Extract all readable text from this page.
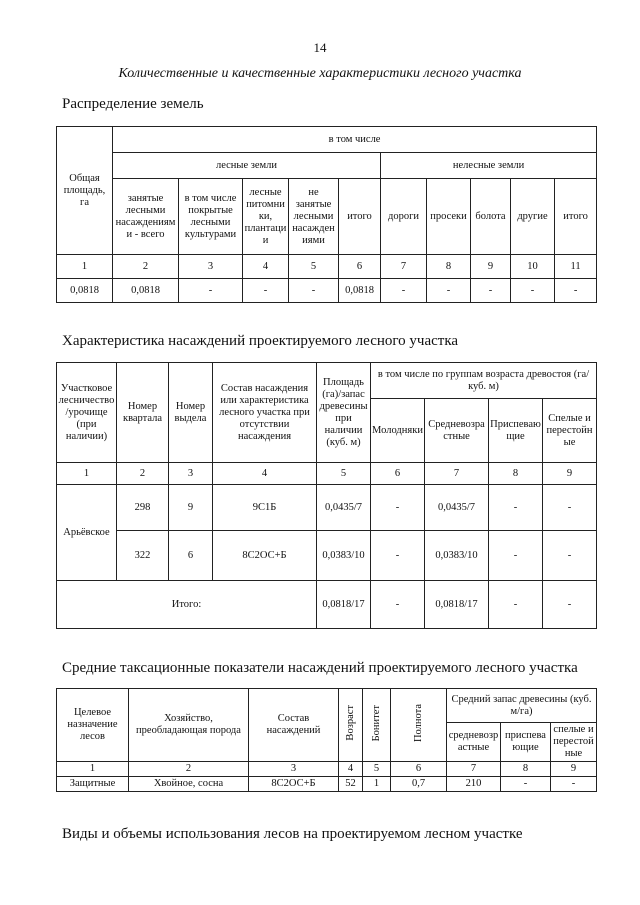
14
Количественные и качественные характеристики лесного участка
Распределение земель
Общая площадь, га	в том числе									
	лесные земли					нелесные земли				
	занятые лесными насаждениями - всего	в том числе покрытые лесными культурами	лесные питомники, плантации	не занятые лесными насаждениями	итого	дороги	просеки	болота	другие	итого
1	2	3	4	5	6	7	8	9	10	11
0,0818	0,0818	-	-	-	0,0818	-	-	-	-	-
Характеристика насаждений проектируемого лесного участка
Участковое лесничество/урочище (при наличии)	Номер квартала	Номер выдела	Состав насаждения или характеристика лесного участка при отсутствии насаждения	Площадь (га)/запас древесины при наличии (куб. м)	в том числе по группам возраста древостоя (га/куб. м)			
					Молодняки	Средневозрастные	Приспевающие	Спелые и перестойные
1	2	3	4	5	6	7	8	9
Арьёвское	298	9	9С1Б	0,0435/7	-	0,0435/7	-	-
	322	6	8С2ОС+Б	0,0383/10	-	0,0383/10	-	-
Итого:				0,0818/17	-	0,0818/17	-	-
Средние таксационные показатели насаждений проектируемого лесного участка
Целевое назначение лесов	Хозяйство, преобладающая порода	Состав насаждений	Возраст	Бонитет	Полнота	Средний запас древесины (куб. м/га)		
						средневозрастные	приспевающие	спелые и перестойные
1	2	3	4	5	6	7	8	9
Защитные	Хвойное, сосна	8С2ОС+Б	52	1	0,7	210	-	-
Виды и объемы использования лесов на проектируемом лесном участке
